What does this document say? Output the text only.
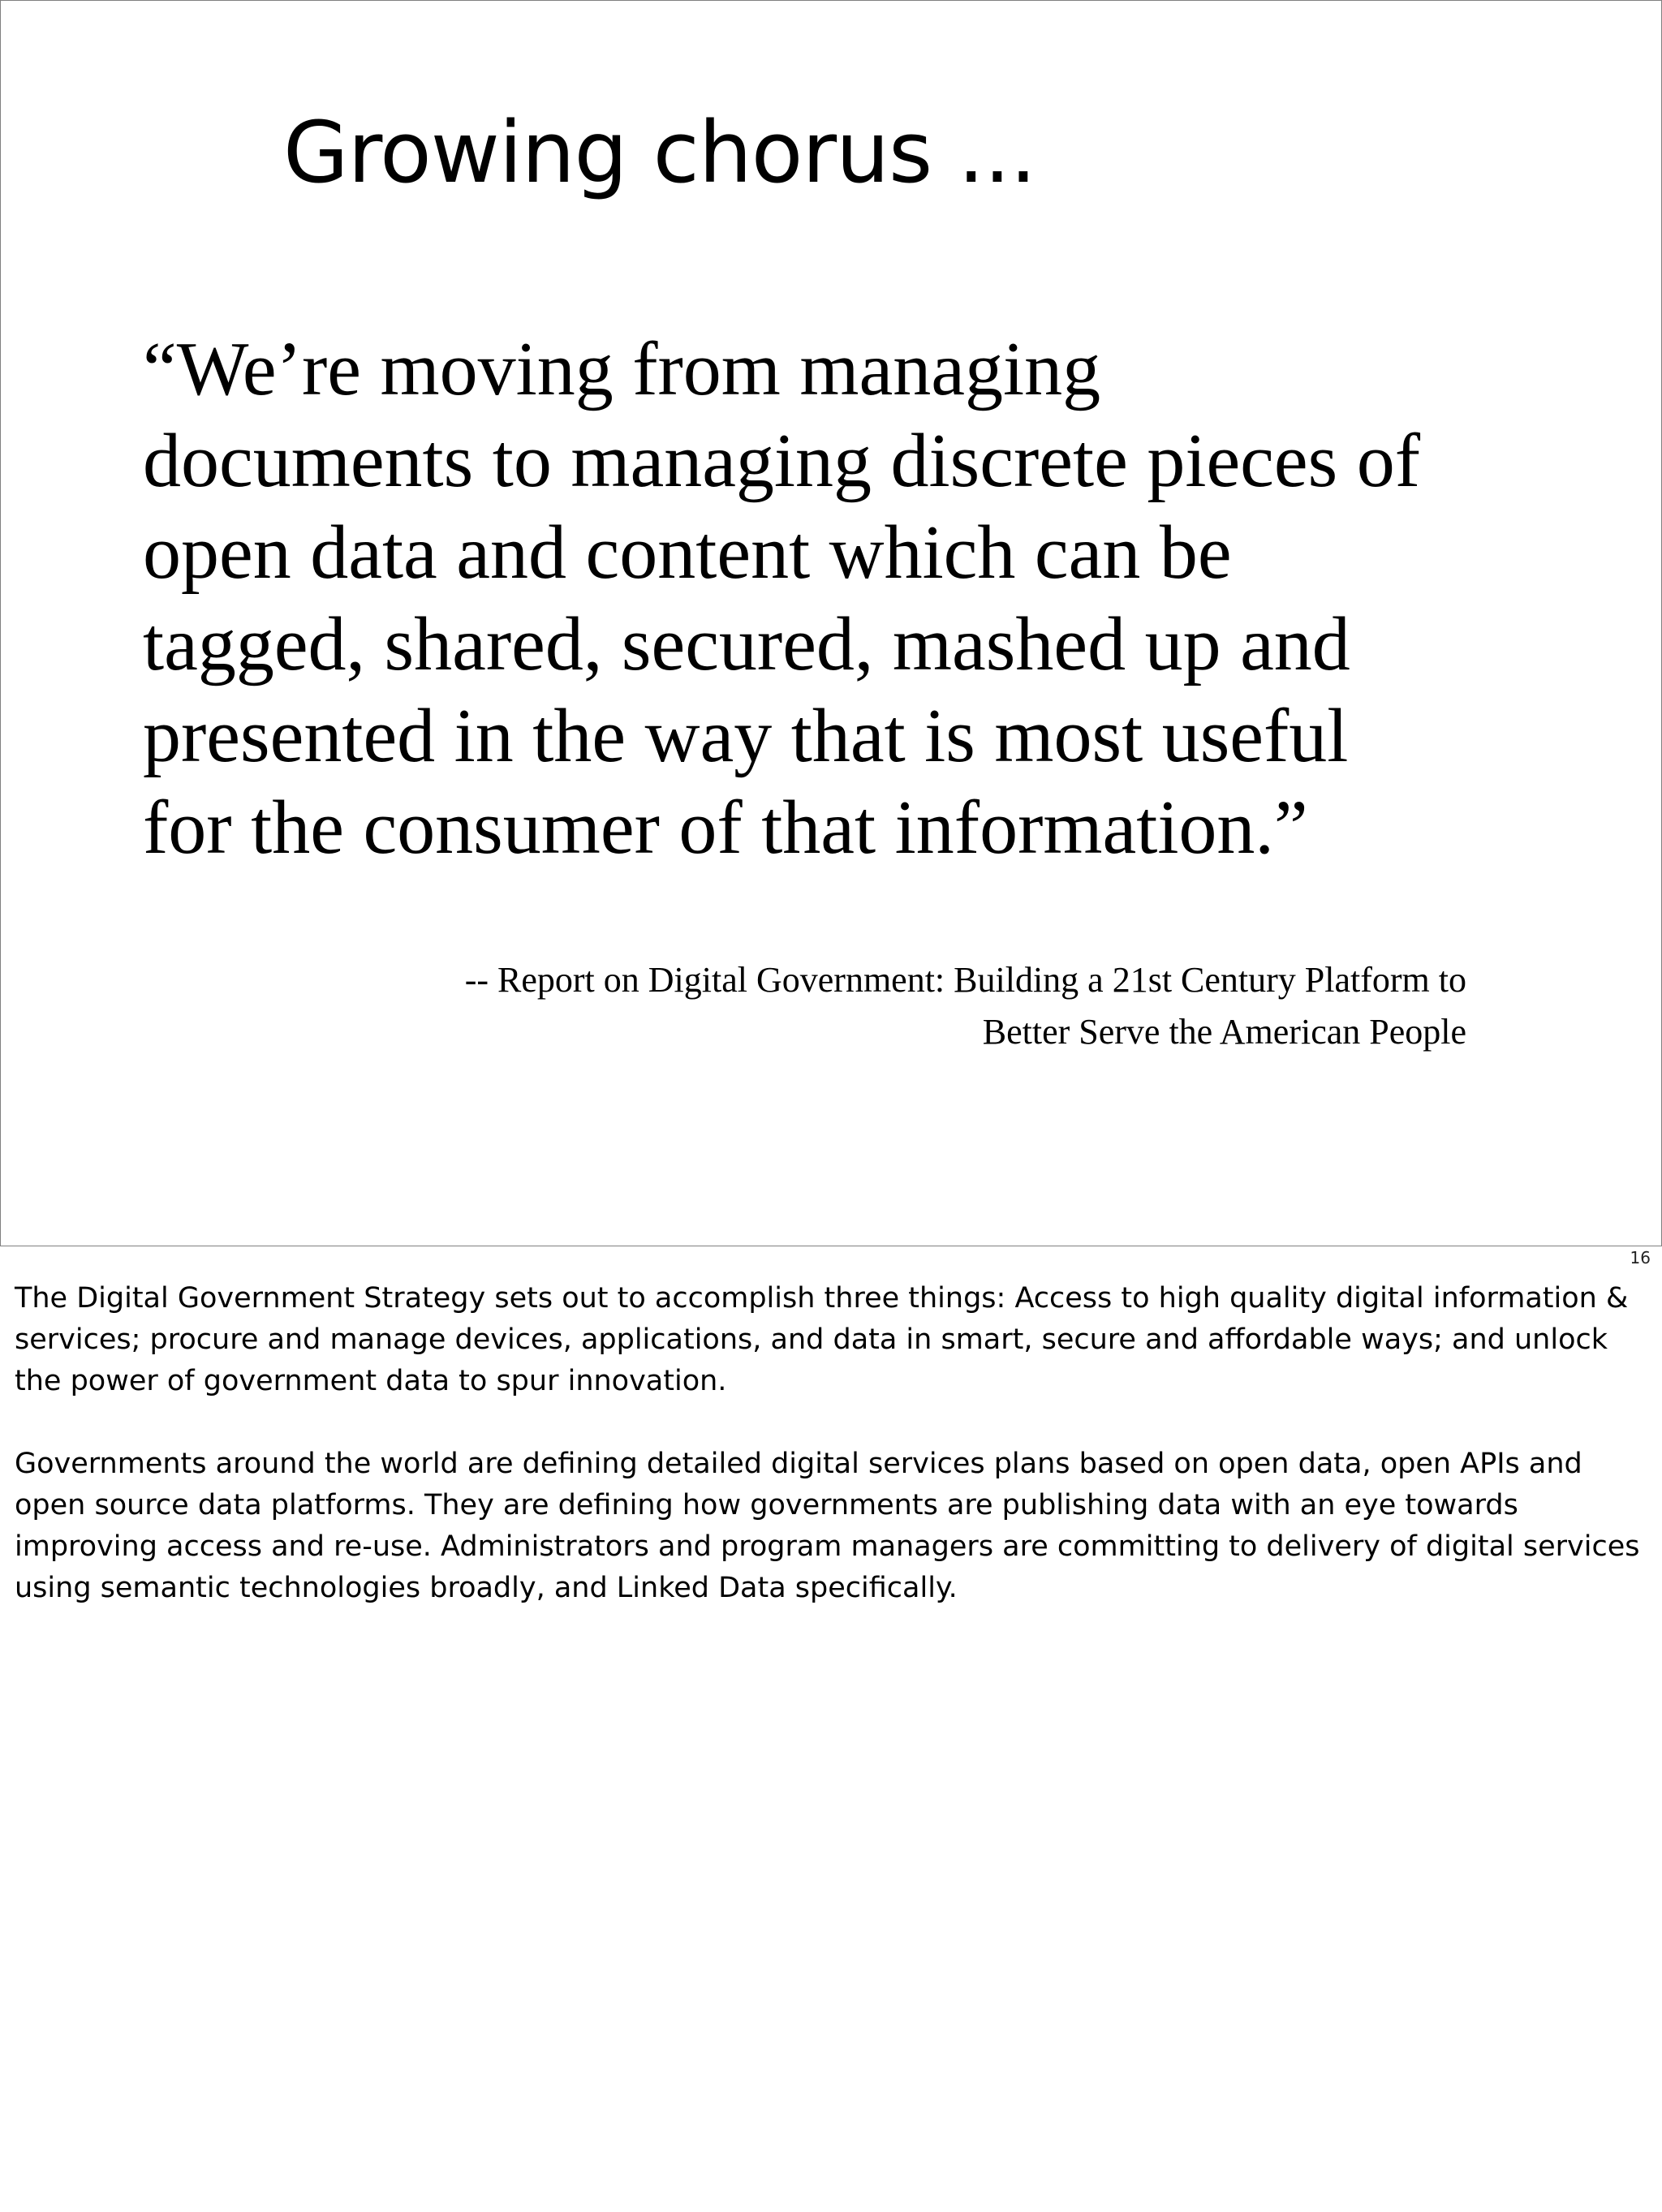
Growing chorus ...
“We’re moving from managing
documents to managing discrete pieces of
open data and content which can be
tagged, shared, secured, mashed up and
presented in the way that is most useful
for the consumer of that information.”

-- Report on Digital Government: Building a 21st Century Platform to
Better Serve the American People

16

The Digital Government Strategy sets out to accomplish three things: Access to high quality digital information & services; procure and manage devices, applications, and data in smart, secure and affordable ways; and unlock the power of government data to spur innovation.

Governments around the world are defining detailed digital services plans based on open data, open APIs and open source data platforms. They are defining how governments are publishing data with an eye towards improving access and re-use. Administrators and program managers are committing to delivery of digital services using semantic technologies broadly, and Linked Data specifically.
